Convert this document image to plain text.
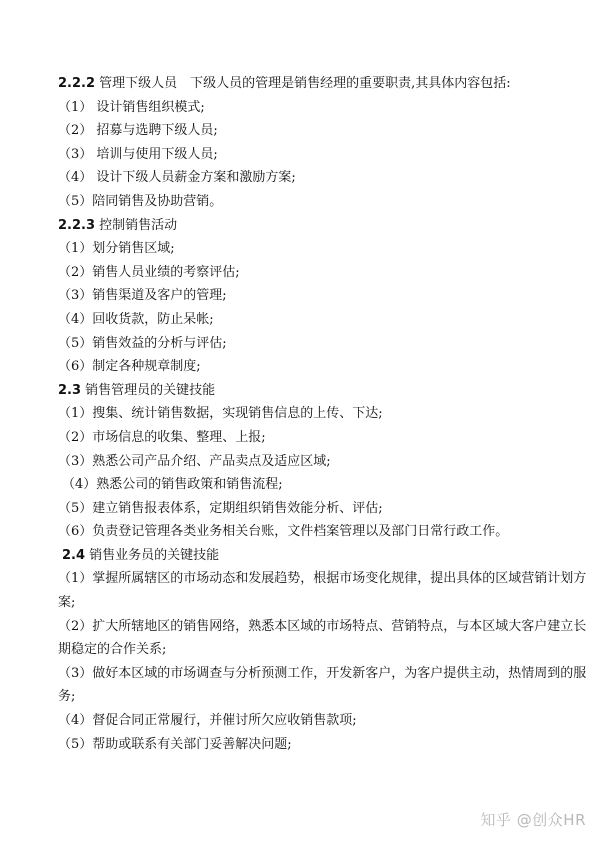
2.2.2 管理下级人员　下级人员的管理是销售经理的重要职责,其具体内容包括:
（1） 设计销售组织模式;
（2） 招募与选聘下级人员;
（3） 培训与使用下级人员;
（4） 设计下级人员薪金方案和激励方案;
（5）陪同销售及协助营销。
2.2.3 控制销售活动
（1）划分销售区域;
（2）销售人员业绩的考察评估;
（3）销售渠道及客户的管理;
（4）回收货款，防止呆帐;
（5）销售效益的分析与评估;
（6）制定各种规章制度;
2.3 销售管理员的关键技能
（1）搜集、统计销售数据，实现销售信息的上传、下达;
（2）市场信息的收集、整理、上报;
（3）熟悉公司产品介绍、产品卖点及适应区域;
（4）熟悉公司的销售政策和销售流程;
（5）建立销售报表体系，定期组织销售效能分析、评估;
（6）负责登记管理各类业务相关台账，文件档案管理以及部门日常行政工作。
2.4 销售业务员的关键技能
（1）掌握所属辖区的市场动态和发展趋势，根据市场变化规律，提出具体的区域营销计划方
案;
（2）扩大所辖地区的销售网络，熟悉本区域的市场特点、营销特点，与本区域大客户建立长
期稳定的合作关系;
（3）做好本区域的市场调查与分析预测工作，开发新客户，为客户提供主动，热情周到的服
务;
（4）督促合同正常履行，并催讨所欠应收销售款项;
（5）帮助或联系有关部门妥善解决问题;
知乎 @创众HR
